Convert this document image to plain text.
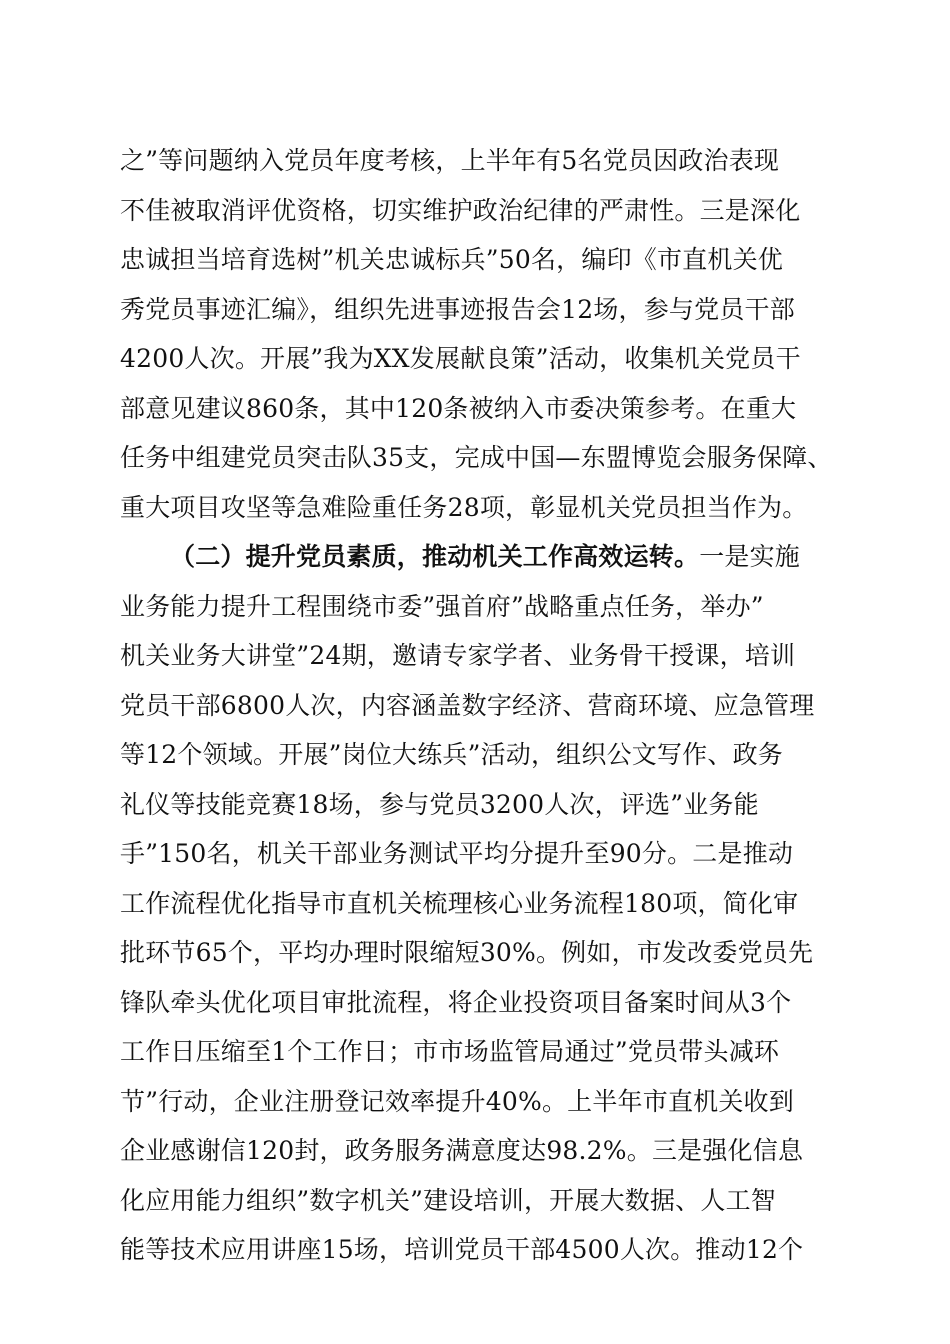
之”等问题纳入党员年度考核，上半年有5名党员因政治表现
不佳被取消评优资格，切实维护政治纪律的严肃性。三是深化
忠诚担当培育选树”机关忠诚标兵”50名，编印《市直机关优
秀党员事迹汇编》，组织先进事迹报告会12场，参与党员干部
4200人次。开展”我为XX发展献良策”活动，收集机关党员干
部意见建议860条，其中120条被纳入市委决策参考。在重大
任务中组建党员突击队35支，完成中国—东盟博览会服务保障、
重大项目攻坚等急难险重任务28项，彰显机关党员担当作为。
（二）提升党员素质，推动机关工作高效运转。一是实施
业务能力提升工程围绕市委”强首府”战略重点任务，举办”
机关业务大讲堂”24期，邀请专家学者、业务骨干授课，培训
党员干部6800人次，内容涵盖数字经济、营商环境、应急管理
等12个领域。开展”岗位大练兵”活动，组织公文写作、政务
礼仪等技能竞赛18场，参与党员3200人次，评选”业务能
手”150名，机关干部业务测试平均分提升至90分。二是推动
工作流程优化指导市直机关梳理核心业务流程180项，简化审
批环节65个，平均办理时限缩短30%。例如，市发改委党员先
锋队牵头优化项目审批流程，将企业投资项目备案时间从3个
工作日压缩至1个工作日；市市场监管局通过”党员带头减环
节”行动，企业注册登记效率提升40%。上半年市直机关收到
企业感谢信120封，政务服务满意度达98.2%。三是强化信息
化应用能力组织”数字机关”建设培训，开展大数据、人工智
能等技术应用讲座15场，培训党员干部4500人次。推动12个
